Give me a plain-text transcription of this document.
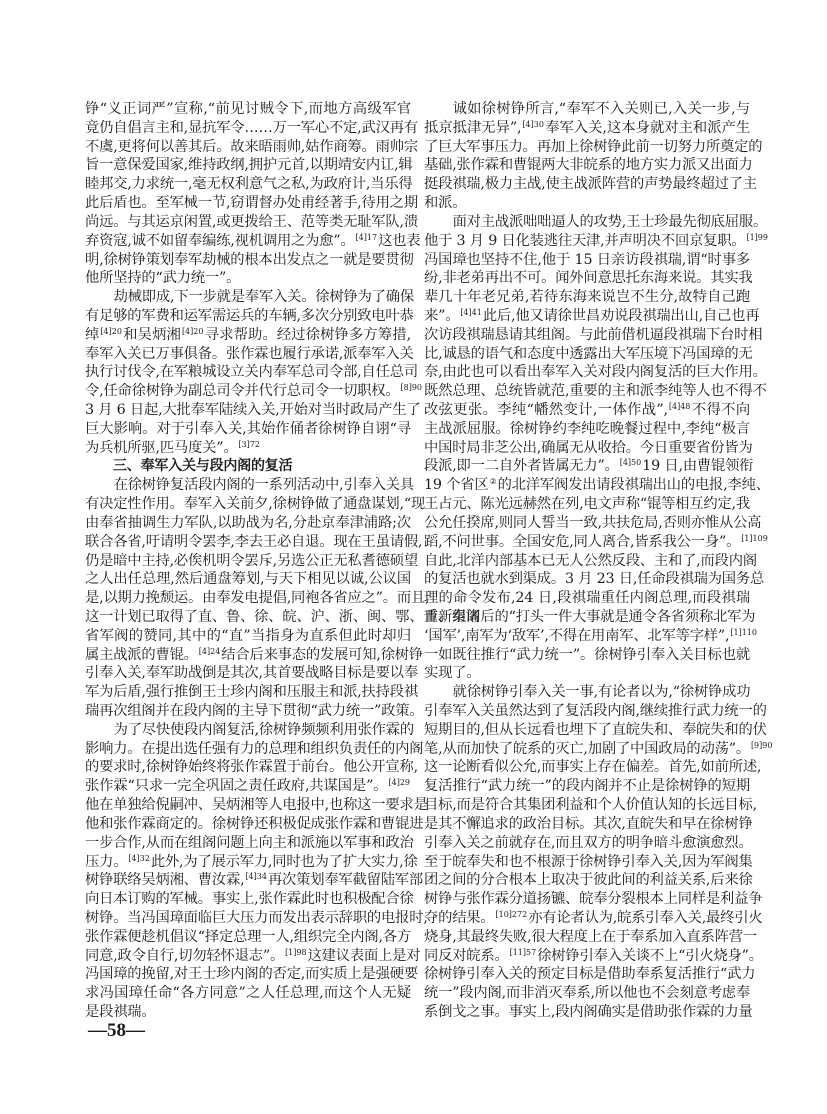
铮“义正词严”宣称,“前见讨贼令下,而地方高级军官
竟仍自倡言主和,显抗军令……万一军心不定,武汉再有
不虞,更将何以善其后。故来晤雨帅,姑作商筹。雨帅宗
旨一意保爱国家,维持政纲,拥护元首,以期靖安内讧,辑
睦邦交,力求统一,毫无权利意气之私,为政府计,当乐得
此后盾也。至军械一节,窃谓督办处甫经著手,待用之期
尚远。与其运京闲置,或更拨给王、范等类无耻军队,溃
弃资寇,诚不如留奉编练,视机调用之为愈”。$^{[4]17}$这也表
明,徐树铮策划奉军劫械的根本出发点之一就是要贯彻
他所坚持的“武力统一”。
劫械即成,下一步就是奉军入关。徐树铮为了确保
有足够的军费和运军需运兵的车辆,多次分别致电叶恭
绰$^{[4]20}$和吴炳湘$^{[4]20}$寻求帮助。经过徐树铮多方筹措,
奉军入关已万事俱备。张作霖也履行承诺,派奉军入关
执行讨伐令,在军粮城设立关内奉军总司令部,自任总司
令,任命徐树铮为副总司令并代行总司令一切职权。$^{[8]90}$
3 月 6 日起,大批奉军陆续入关,开始对当时政局产生了
巨大影响。对于引奉入关,其始作俑者徐树铮自诩“寻
为兵机所驱,匹马度关”。$^{[3]72}$
三、奉军入关与段内阁的复活
在徐树铮复活段内阁的一系列活动中,引奉入关具
有决定性作用。奉军入关前夕,徐树铮做了通盘谋划,“现
由奉省抽调生力军队,以助战为名,分赴京奉津浦路;次
联合各省,吁请明令罢李,李去王必自退。现在王虽请假,
仍是暗中主持,必俟机明令罢斥,另选公正无私耆德硕望
之人出任总理,然后通盘筹划,与天下相见以诚,公议国
是,以期力挽颓运。由奉发电提倡,同袍各省应之”。而且,
这一计划已取得了直、鲁、徐、皖、沪、浙、闽、鄂、晋、秦诸
省军阀的赞同,其中的“直”当指身为直系但此时却归
属主战派的曹锟。$^{[4]24}$结合后来事态的发展可知,徐树铮
引奉入关,奉军助战倒是其次,其首要战略目标是要以奉
军为后盾,强行推倒王士珍内阁和压服主和派,扶持段祺
瑞再次组阁并在段内阁的主导下贯彻“武力统一”政策。
为了尽快使段内阁复活,徐树铮频频利用张作霖的
影响力。在提出选任强有力的总理和组织负责任的内阁
的要求时,徐树铮始终将张作霖置于前台。他公开宣称,
张作霖“只求一完全巩固之责任政府,共谋国是”。$^{[4]29}$
他在单独给倪嗣冲、吴炳湘等人电报中,也称这一要求是
他和张作霖商定的。徐树铮还积极促成张作霖和曹锟进
一步合作,从而在组阁问题上向主和派施以军事和政治
压力。$^{[4]32}$此外,为了展示军力,同时也为了扩大实力,徐
树铮联络吴炳湘、曹汝霖,$^{[4]34}$再次策划奉军截留陆军部
向日本订购的军械。事实上,张作霖此时也积极配合徐
树铮。当冯国璋面临巨大压力而发出表示辞职的电报时,
张作霖便趁机倡议“择定总理一人,组织完全内阁,各方
同意,政令自行,切勿轻怀退志”。$^{[1]98}$这建议表面上是对
冯国璋的挽留,对王士珍内阁的否定,而实质上是强硬要
求冯国璋任命“各方同意”之人任总理,而这个人无疑
是段祺瑞。
诚如徐树铮所言,“奉军不入关则已,入关一步,与
抵京抵津无异”,$^{[4]30}$奉军入关,这本身就对主和派产生
了巨大军事压力。再加上徐树铮此前一切努力所奠定的
基础,张作霖和曹锟两大非皖系的地方实力派又出面力
挺段祺瑞,极力主战,使主战派阵营的声势最终超过了主
和派。
面对主战派咄咄逼人的攻势,王士珍最先彻底屈服。
他于 3 月 9 日化装逃往天津,并声明决不回京复职。$^{[1]99}$
冯国璋也坚持不住,他于 15 日亲访段祺瑞,谓“时事多
纷,非老弟再出不可。闻外间意思托东海来说。其实我
辈几十年老兄弟,若待东海来说岂不生分,故特自己跑
来”。$^{[4]41}$此后,他又请徐世昌劝说段祺瑞出山,自己也再
次访段祺瑞恳请其组阁。与此前借机逼段祺瑞下台时相
比,诚恳的语气和态度中透露出大军压境下冯国璋的无
奈,由此也可以看出奉军入关对段内阁复活的巨大作用。
既然总理、总统皆就范,重要的主和派李纯等人也不得不
改弦更张。李纯“幡然变计,一体作战”,$^{[4]48}$不得不向
主战派屈服。徐树铮约李纯吃晚餐过程中,李纯“极言
中国时局非芝公出,确属无从收拾。今日重要省份皆为
段派,即一二自外者皆属无力”。$^{[4]50}$19 日,由曹锟领衔
19 个省区②的北洋军阀发出请段祺瑞出山的电报,李纯、
王占元、陈光远赫然在列,电文声称“锟等相互约定,我
公允任揆席,则同人誓当一致,共扶危局,否则亦惟从公高
蹈,不问世事。全国安危,同人离合,皆系我公一身”。$^{[1]109}$
自此,北洋内部基本已无人公然反段、主和了,而段内阁
的复活也就水到渠成。3 月 23 日,任命段祺瑞为国务总
理的命令发布,24 日,段祺瑞重任内阁总理,而段祺瑞
重新组阁后的“打头一件大事就是通令各省须称北军为
‘国军’,南军为‘敌军’,不得在用南军、北军等字样”,$^{[1]110}$
一如既往推行“武力统一”。徐树铮引奉入关目标也就
实现了。
就徐树铮引奉入关一事,有论者以为,“徐树铮成功
引奉军入关虽然达到了复活段内阁,继续推行武力统一的
短期目的,但从长远看也埋下了直皖失和、奉皖失和的伏
笔,从而加快了皖系的灭亡,加剧了中国政局的动荡”。$^{[9]90}$
这一论断看似公允,而事实上存在偏差。首先,如前所述,
复活推行“武力统一”的段内阁并不止是徐树铮的短期
目标,而是符合其集团利益和个人价值认知的长远目标,
是其不懈追求的政治目标。其次,直皖失和早在徐树铮
引奉入关之前就存在,而且双方的明争暗斗愈演愈烈。
至于皖奉失和也不根源于徐树铮引奉入关,因为军阀集
团之间的分合根本上取决于彼此间的利益关系,后来徐
树铮与张作霖分道扬镳、皖奉分裂根本上同样是利益争
夺的结果。$^{[10]272}$亦有论者认为,皖系引奉入关,最终引火
烧身,其最终失败,很大程度上在于奉系加入直系阵营一
同反对皖系。$^{[11]57}$徐树铮引奉入关谈不上“引火烧身”。
徐树铮引奉入关的预定目标是借助奉系复活推行“武力
统一”段内阁,而非消灭奉系,所以他也不会刻意考虑奉
系倒戈之事。事实上,段内阁确实是借助张作霖的力量
—58—
